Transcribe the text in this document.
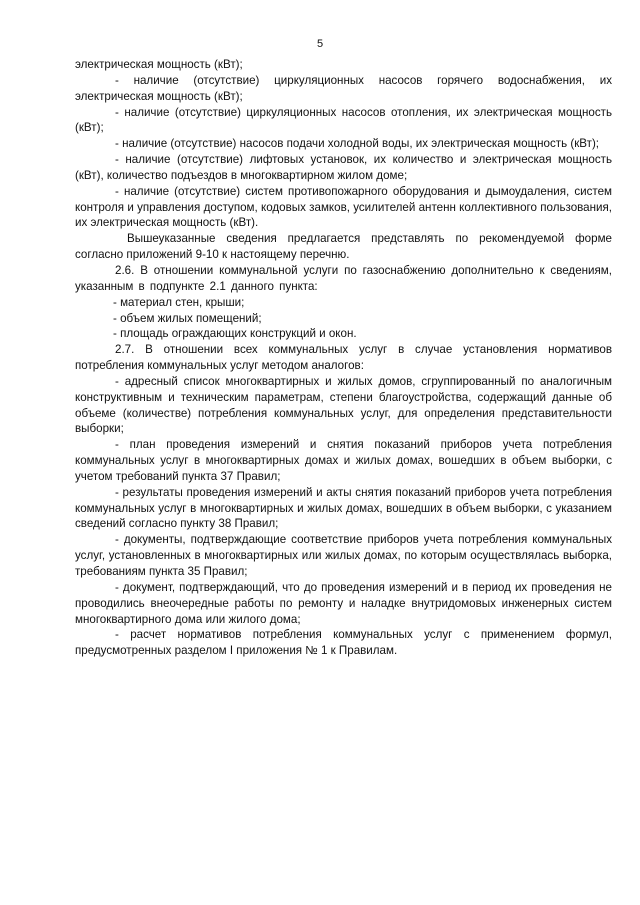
5

электрическая мощность (кВт);

- наличие (отсутствие) циркуляционных насосов горячего водоснабжения, их электрическая мощность (кВт);

- наличие (отсутствие) циркуляционных насосов отопления, их электрическая мощность (кВт);

- наличие (отсутствие) насосов подачи холодной воды, их электрическая мощность (кВт);

- наличие (отсутствие) лифтовых установок, их количество и электрическая мощность (кВт), количество подъездов в многоквартирном жилом доме;

- наличие (отсутствие) систем противопожарного оборудования и дымоудаления, систем контроля и управления доступом, кодовых замков, усилителей антенн коллективного пользования, их электрическая мощность (кВт).

Вышеуказанные сведения предлагается представлять по рекомендуемой форме согласно приложений 9-10 к настоящему перечню.

2.6. В отношении коммунальной услуги по газоснабжению дополнительно к сведениям, указанным в подпункте 2.1 данного пункта:

- материал стен, крыши;

- объем жилых помещений;

- площадь ограждающих конструкций и окон.

2.7. В отношении всех коммунальных услуг в случае установления нормативов потребления коммунальных услуг методом аналогов:

- адресный список многоквартирных и жилых домов, сгруппированный по аналогичным конструктивным и техническим параметрам, степени благоустройства, содержащий данные об объеме (количестве) потребления коммунальных услуг, для определения представительности выборки;

- план проведения измерений и снятия показаний приборов учета потребления коммунальных услуг в многоквартирных домах и жилых домах, вошедших в объем выборки, с учетом требований пункта 37 Правил;

- результаты проведения измерений и акты снятия показаний приборов учета потребления коммунальных услуг в многоквартирных и жилых домах, вошедших в объем выборки, с указанием сведений согласно пункту 38 Правил;

- документы, подтверждающие соответствие приборов учета потребления коммунальных услуг, установленных в многоквартирных или жилых домах, по которым осуществлялась выборка, требованиям пункта 35 Правил;

- документ, подтверждающий, что до проведения измерений и в период их проведения не проводились внеочередные работы по ремонту и наладке внутридомовых инженерных систем многоквартирного дома или жилого дома;

- расчет нормативов потребления коммунальных услуг с применением формул, предусмотренных разделом I приложения № 1 к Правилам.
